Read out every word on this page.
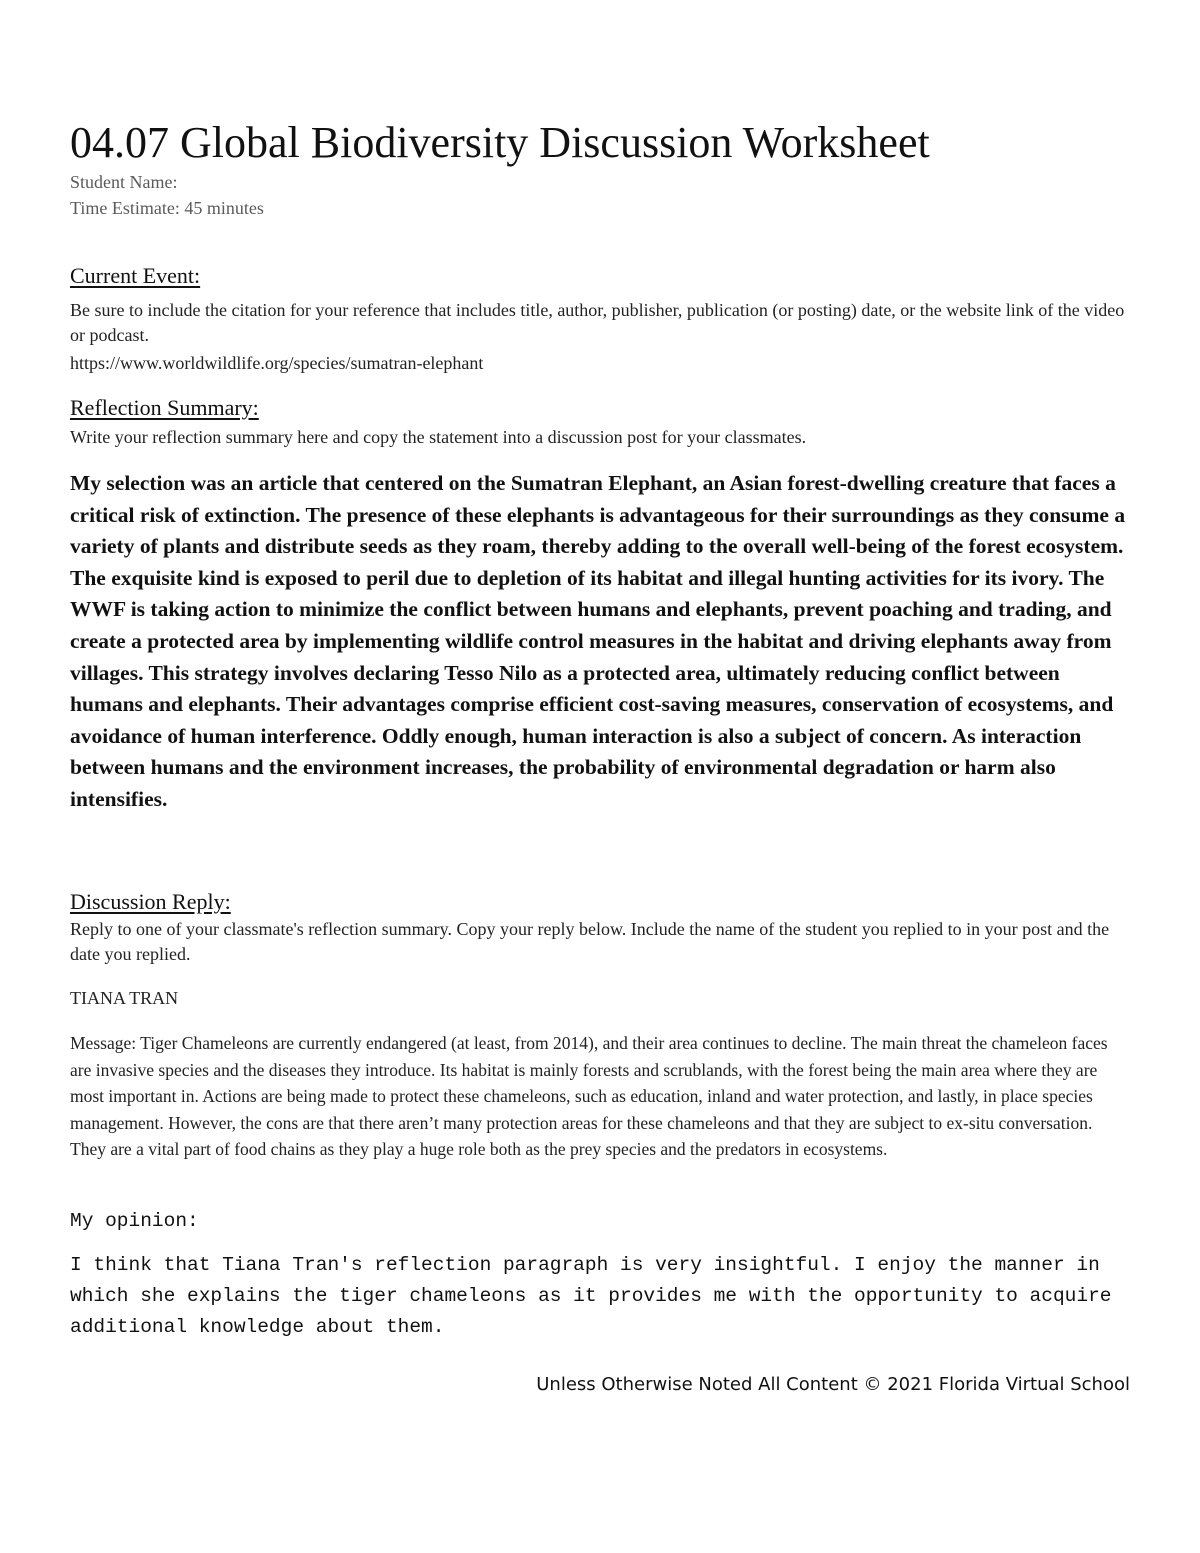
04.07 Global Biodiversity Discussion Worksheet
Student Name:
Time Estimate: 45 minutes
Current Event:
Be sure to include the citation for your reference that includes title, author, publisher, publication (or posting) date, or the website link of the video or podcast.
https://www.worldwildlife.org/species/sumatran-elephant
Reflection Summary:
Write your reflection summary here and copy the statement into a discussion post for your classmates.
My selection was an article that centered on the Sumatran Elephant, an Asian forest-dwelling creature that faces a critical risk of extinction. The presence of these elephants is advantageous for their surroundings as they consume a variety of plants and distribute seeds as they roam, thereby adding to the overall well-being of the forest ecosystem. The exquisite kind is exposed to peril due to depletion of its habitat and illegal hunting activities for its ivory. The WWF is taking action to minimize the conflict between humans and elephants, prevent poaching and trading, and create a protected area by implementing wildlife control measures in the habitat and driving elephants away from villages. This strategy involves declaring Tesso Nilo as a protected area, ultimately reducing conflict between humans and elephants. Their advantages comprise efficient cost-saving measures, conservation of ecosystems, and avoidance of human interference. Oddly enough, human interaction is also a subject of concern. As interaction between humans and the environment increases, the probability of environmental degradation or harm also intensifies.
Discussion Reply:
Reply to one of your classmate's reflection summary. Copy your reply below. Include the name of the student you replied to in your post and the date you replied.
TIANA TRAN
Message: Tiger Chameleons are currently endangered (at least, from 2014), and their area continues to decline. The main threat the chameleon faces are invasive species and the diseases they introduce. Its habitat is mainly forests and scrublands, with the forest being the main area where they are most important in. Actions are being made to protect these chameleons, such as education, inland and water protection, and lastly, in place species management. However, the cons are that there aren’t many protection areas for these chameleons and that they are subject to ex-situ conversation. They are a vital part of food chains as they play a huge role both as the prey species and the predators in ecosystems.
My opinion:
I think that Tiana Tran's reflection paragraph is very insightful. I enjoy the manner in which she explains the tiger chameleons as it provides me with the opportunity to acquire additional knowledge about them.
Unless Otherwise Noted All Content © 2021 Florida Virtual School
